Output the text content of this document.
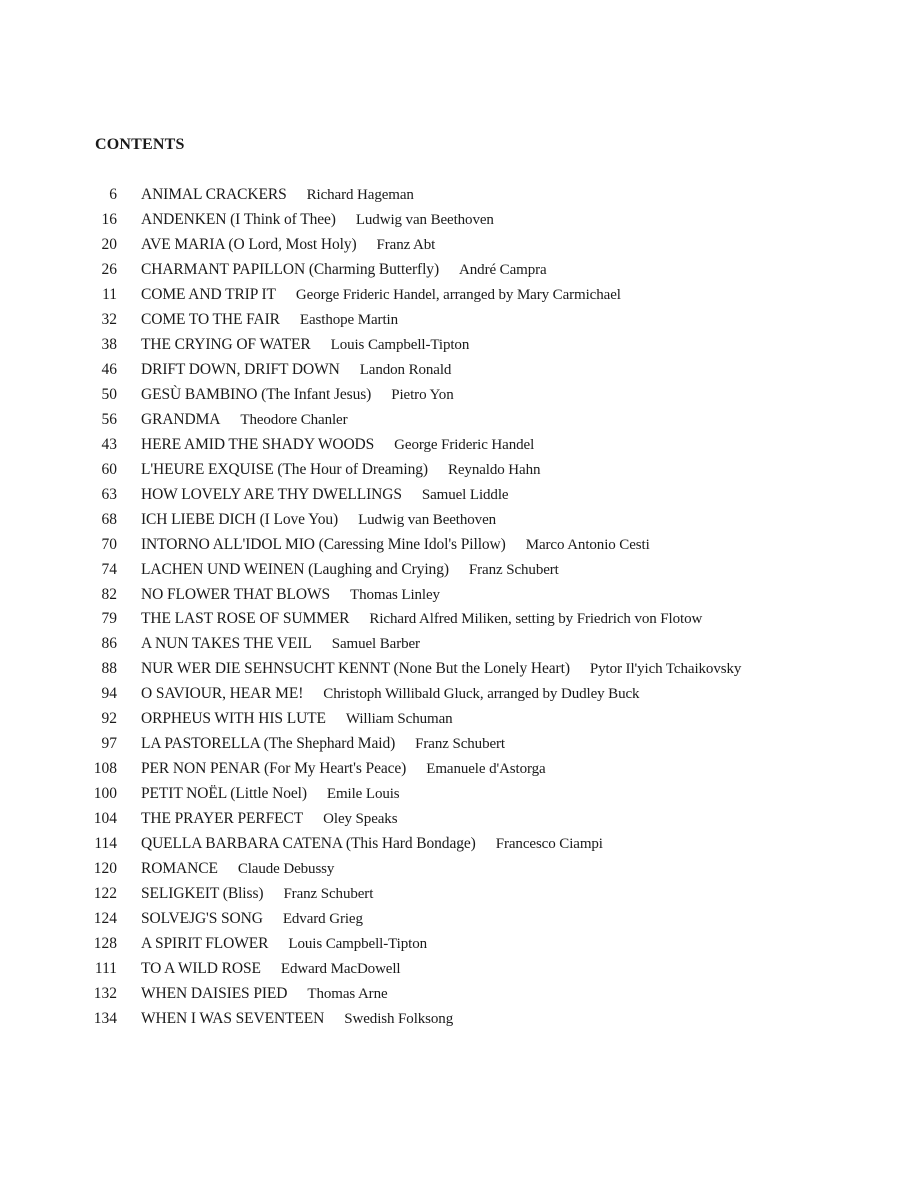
CONTENTS
6 ANIMAL CRACKERS Richard Hageman
16 ANDENKEN (I Think of Thee) Ludwig van Beethoven
20 AVE MARIA (O Lord, Most Holy) Franz Abt
26 CHARMANT PAPILLON (Charming Butterfly) André Campra
11 COME AND TRIP IT George Frideric Handel, arranged by Mary Carmichael
32 COME TO THE FAIR Easthope Martin
38 THE CRYING OF WATER Louis Campbell-Tipton
46 DRIFT DOWN, DRIFT DOWN Landon Ronald
50 GESÙ BAMBINO (The Infant Jesus) Pietro Yon
56 GRANDMA Theodore Chanler
43 HERE AMID THE SHADY WOODS George Frideric Handel
60 L'HEURE EXQUISE (The Hour of Dreaming) Reynaldo Hahn
63 HOW LOVELY ARE THY DWELLINGS Samuel Liddle
68 ICH LIEBE DICH (I Love You) Ludwig van Beethoven
70 INTORNO ALL'IDOL MIO (Caressing Mine Idol's Pillow) Marco Antonio Cesti
74 LACHEN UND WEINEN (Laughing and Crying) Franz Schubert
82 NO FLOWER THAT BLOWS Thomas Linley
79 THE LAST ROSE OF SUMMER Richard Alfred Miliken, setting by Friedrich von Flotow
86 A NUN TAKES THE VEIL Samuel Barber
88 NUR WER DIE SEHNSUCHT KENNT (None But the Lonely Heart) Pytor Il'yich Tchaikovsky
94 O SAVIOUR, HEAR ME! Christoph Willibald Gluck, arranged by Dudley Buck
92 ORPHEUS WITH HIS LUTE William Schuman
97 LA PASTORELLA (The Shephard Maid) Franz Schubert
108 PER NON PENAR (For My Heart's Peace) Emanuele d'Astorga
100 PETIT NOËL (Little Noel) Emile Louis
104 THE PRAYER PERFECT Oley Speaks
114 QUELLA BARBARA CATENA (This Hard Bondage) Francesco Ciampi
120 ROMANCE Claude Debussy
122 SELIGKEIT (Bliss) Franz Schubert
124 SOLVEJG'S SONG Edvard Grieg
128 A SPIRIT FLOWER Louis Campbell-Tipton
111 TO A WILD ROSE Edward MacDowell
132 WHEN DAISIES PIED Thomas Arne
134 WHEN I WAS SEVENTEEN Swedish Folksong
